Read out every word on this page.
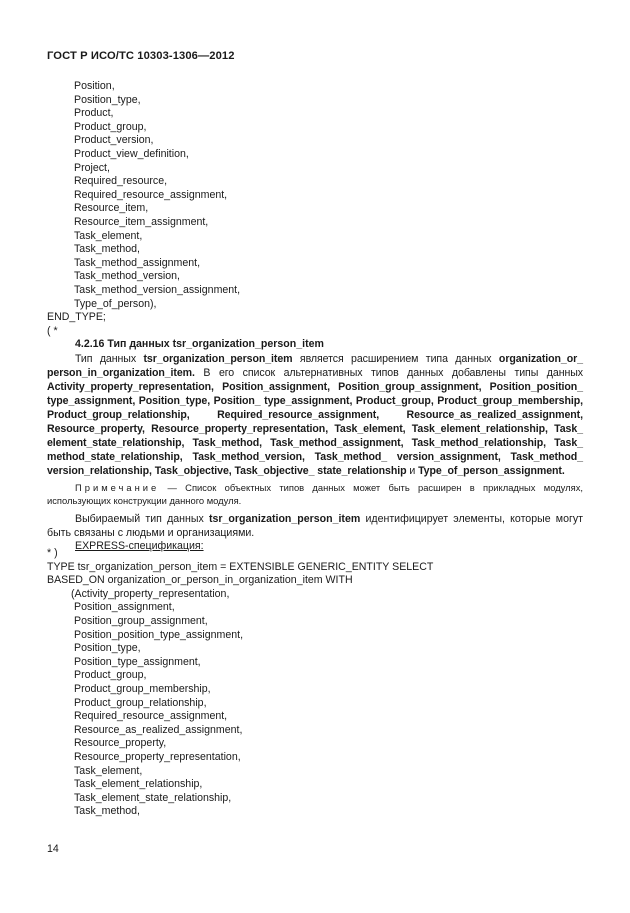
ГОСТ Р ИСО/ТС 10303-1306—2012
Position,
Position_type,
Product,
Product_group,
Product_version,
Product_view_definition,
Project,
Required_resource,
Required_resource_assignment,
Resource_item,
Resource_item_assignment,
Task_element,
Task_method,
Task_method_assignment,
Task_method_version,
Task_method_version_assignment,
Type_of_person),
END_TYPE;
( *
4.2.16 Тип данных tsr_organization_person_item

Тип данных tsr_organization_person_item является расширением типа данных organization_or_ person_in_organization_item. В его список альтернативных типов данных добавлены типы данных Activity_property_representation, Position_assignment, Position_group_assignment, Position_position_ type_assignment, Position_type, Position_ type_assignment, Product_group, Product_group_membership, Product_group_relationship, Required_resource_assignment, Resource_as_realized_assignment, Resource_property, Resource_property_representation, Task_element, Task_element_relationship, Task_ element_state_relationship, Task_method, Task_method_assignment, Task_method_relationship, Task_ method_state_relationship, Task_method_version, Task_method_ version_assignment, Task_method_ version_relationship, Task_objective, Task_objective_ state_relationship и Type_of_person_assignment.

Примечание — Список объектных типов данных может быть расширен в прикладных модулях, использующих конструкции данного модуля.

Выбираемый тип данных tsr_organization_person_item идентифицирует элементы, которые могут быть связаны с людьми и организациями.

EXPRESS-спецификация:
* )
TYPE tsr_organization_person_item = EXTENSIBLE GENERIC_ENTITY SELECT
BASED_ON organization_or_person_in_organization_item WITH
(Activity_property_representation,
Position_assignment,
Position_group_assignment,
Position_position_type_assignment,
Position_type,
Position_type_assignment,
Product_group,
Product_group_membership,
Product_group_relationship,
Required_resource_assignment,
Resource_as_realized_assignment,
Resource_property,
Resource_property_representation,
Task_element,
Task_element_relationship,
Task_element_state_relationship,
Task_method,
14
